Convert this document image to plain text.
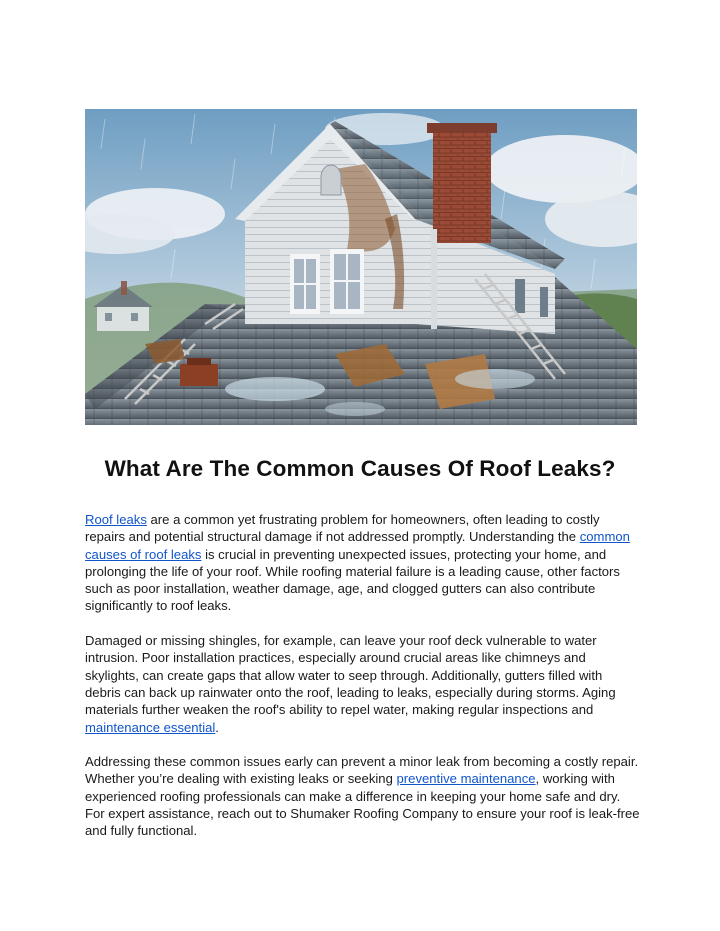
What Are The Common Causes Of Roof Leaks?

Roof leaks are a common yet frustrating problem for homeowners, often leading to costly repairs and potential structural damage if not addressed promptly. Understanding the common causes of roof leaks is crucial in preventing unexpected issues, protecting your home, and prolonging the life of your roof. While roofing material failure is a leading cause, other factors such as poor installation, weather damage, age, and clogged gutters can also contribute significantly to roof leaks.

Damaged or missing shingles, for example, can leave your roof deck vulnerable to water intrusion. Poor installation practices, especially around crucial areas like chimneys and skylights, can create gaps that allow water to seep through. Additionally, gutters filled with debris can back up rainwater onto the roof, leading to leaks, especially during storms. Aging materials further weaken the roof's ability to repel water, making regular inspections and maintenance essential.

Addressing these common issues early can prevent a minor leak from becoming a costly repair. Whether you’re dealing with existing leaks or seeking preventive maintenance, working with experienced roofing professionals can make a difference in keeping your home safe and dry. For expert assistance, reach out to Shumaker Roofing Company to ensure your roof is leak-free and fully functional.
